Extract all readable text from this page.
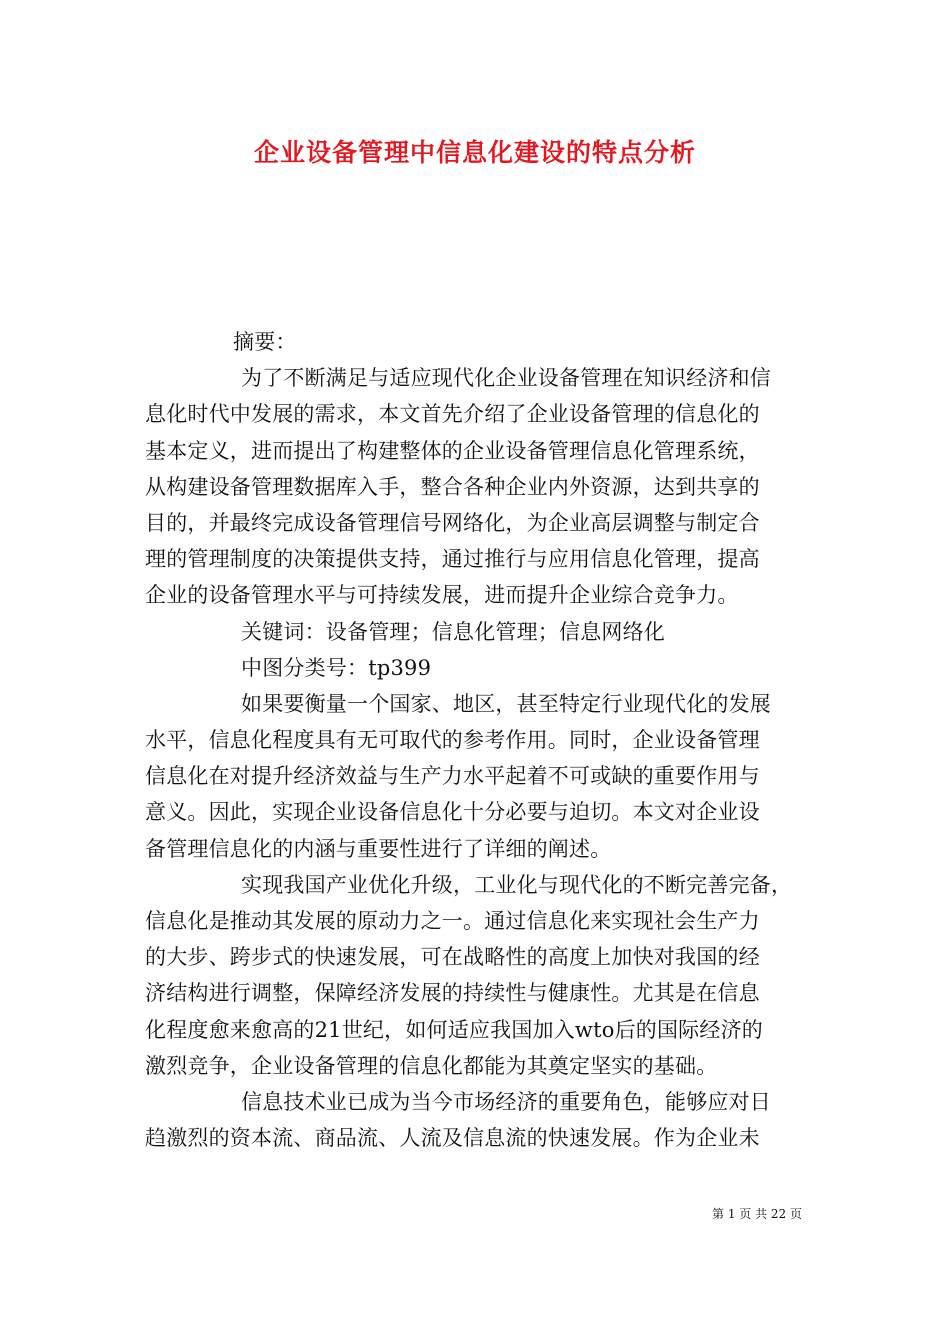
企业设备管理中信息化建设的特点分析
摘要：
为了不断满足与适应现代化企业设备管理在知识经济和信
息化时代中发展的需求，本文首先介绍了企业设备管理的信息化的
基本定义，进而提出了构建整体的企业设备管理信息化管理系统，
从构建设备管理数据库入手，整合各种企业内外资源，达到共享的
目的，并最终完成设备管理信号网络化，为企业高层调整与制定合
理的管理制度的决策提供支持，通过推行与应用信息化管理，提高
企业的设备管理水平与可持续发展，进而提升企业综合竞争力。
关键词：设备管理；信息化管理；信息网络化
中图分类号：tp399
如果要衡量一个国家、地区，甚至特定行业现代化的发展
水平，信息化程度具有无可取代的参考作用。同时，企业设备管理
信息化在对提升经济效益与生产力水平起着不可或缺的重要作用与
意义。因此，实现企业设备信息化十分必要与迫切。本文对企业设
备管理信息化的内涵与重要性进行了详细的阐述。
实现我国产业优化升级，工业化与现代化的不断完善完备，
信息化是推动其发展的原动力之一。通过信息化来实现社会生产力
的大步、跨步式的快速发展，可在战略性的高度上加快对我国的经
济结构进行调整，保障经济发展的持续性与健康性。尤其是在信息
化程度愈来愈高的21世纪，如何适应我国加入wto后的国际经济的
激烈竞争，企业设备管理的信息化都能为其奠定坚实的基础。
信息技术业已成为当今市场经济的重要角色，能够应对日
趋激烈的资本流、商品流、人流及信息流的快速发展。作为企业未
第 1 页 共 22 页
